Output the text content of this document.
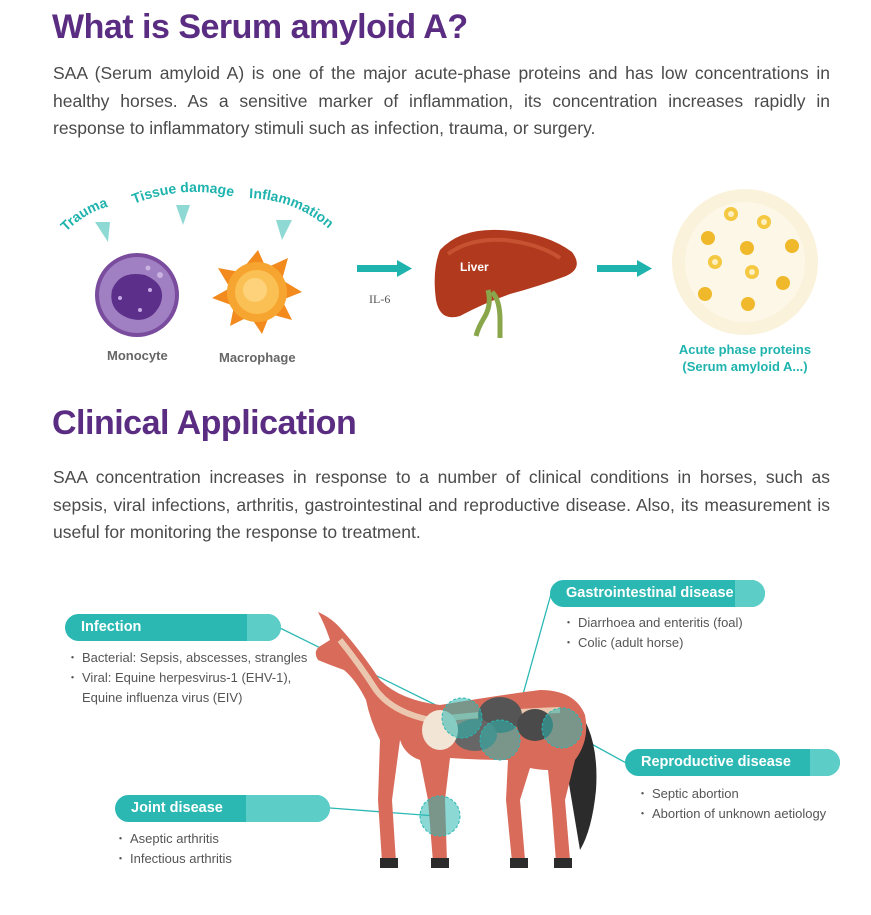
What is Serum amyloid A?

SAA (Serum amyloid A) is one of the major acute-phase proteins and has low concentrations in healthy horses. As a sensitive marker of inflammation, its concentration increases rapidly in response to inflammatory stimuli such as infection, trauma, or surgery.

Trauma Tissue damage Inflammation
Monocyte	Macrophage
IL-6
Liver
Acute phase proteins
(Serum amyloid A...)
Clinical Application

SAA concentration increases in response to a number of clinical conditions in horses, such as sepsis, viral infections, arthritis, gastrointestinal and reproductive disease. Also, its measurement is useful for monitoring the response to treatment.

Infection
・ Bacterial: Sepsis, abscesses, strangles
・ Viral: Equine herpesvirus-1 (EHV-1),
Equine influenza virus (EIV)
Gastrointestinal disease
・ Diarrhoea and enteritis (foal)
・ Colic (adult horse)
Reproductive disease
・ Septic abortion
・ Abortion of unknown aetiology
Joint disease
・ Aseptic arthritis
・ Infectious arthritis
